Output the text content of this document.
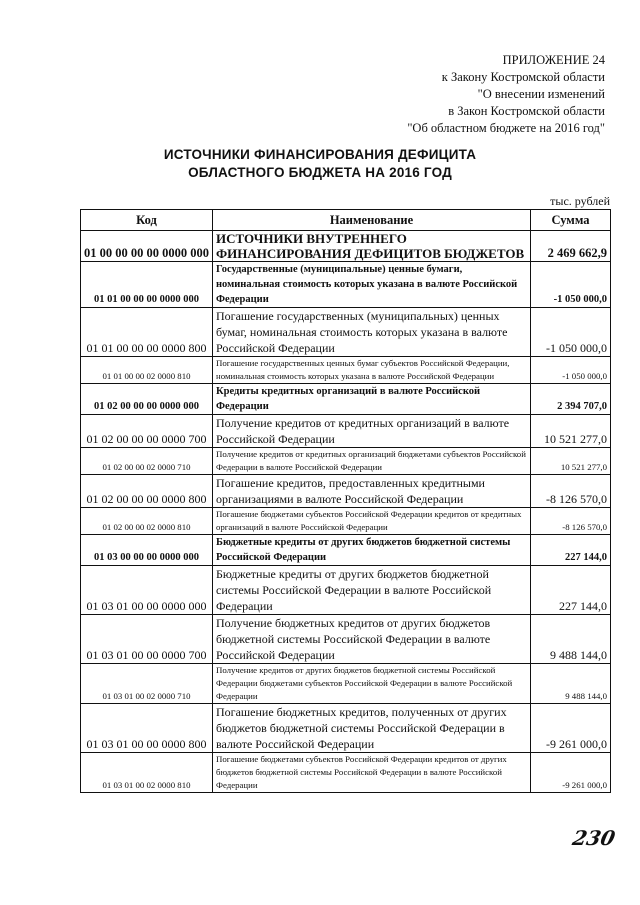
ПРИЛОЖЕНИЕ 24
к Закону Костромской области
"О внесении изменений
в Закон Костромской области
"Об областном бюджете на 2016 год"
ИСТОЧНИКИ ФИНАНСИРОВАНИЯ ДЕФИЦИТА
ОБЛАСТНОГО БЮДЖЕТА НА 2016 ГОД
тыс. рублей
Код	Наименование	Сумма
01 00 00 00 00 0000 000	ИСТОЧНИКИ ВНУТРЕННЕГО ФИНАНСИРОВАНИЯ ДЕФИЦИТОВ БЮДЖЕТОВ	2 469 662,9
01 01 00 00 00 0000 000	Государственные (муниципальные) ценные бумаги, номинальная стоимость которых указана в валюте Российской Федерации	-1 050 000,0
01 01 00 00 00 0000 800	Погашение государственных (муниципальных) ценных бумаг, номинальная стоимость которых указана в валюте Российской Федерации	-1 050 000,0
01 01 00 00 02 0000 810	Погашение государственных ценных бумаг субъектов Российской Федерации, номинальная стоимость которых указана в валюте Российской Федерации	-1 050 000,0
01 02 00 00 00 0000 000	Кредиты кредитных организаций в валюте Российской Федерации	2 394 707,0
01 02 00 00 00 0000 700	Получение кредитов от кредитных организаций в валюте Российской Федерации	10 521 277,0
01 02 00 00 02 0000 710	Получение кредитов от кредитных организаций бюджетами субъектов Российской Федерации в валюте Российской Федерации	10 521 277,0
01 02 00 00 00 0000 800	Погашение кредитов, предоставленных кредитными организациями в валюте Российской Федерации	-8 126 570,0
01 02 00 00 02 0000 810	Погашение бюджетами субъектов Российской Федерации кредитов от кредитных организаций в валюте Российской Федерации	-8 126 570,0
01 03 00 00 00 0000 000	Бюджетные кредиты от других бюджетов бюджетной системы Российской Федерации	227 144,0
01 03 01 00 00 0000 000	Бюджетные кредиты от других бюджетов бюджетной системы Российской Федерации в валюте Российской Федерации	227 144,0
01 03 01 00 00 0000 700	Получение бюджетных кредитов от других бюджетов бюджетной системы Российской Федерации в валюте Российской Федерации	9 488 144,0
01 03 01 00 02 0000 710	Получение кредитов от других бюджетов бюджетной системы Российской Федерации бюджетами субъектов Российской Федерации в валюте Российской Федерации	9 488 144,0
01 03 01 00 00 0000 800	Погашение бюджетных кредитов, полученных от других бюджетов бюджетной системы Российской Федерации в валюте Российской Федерации	-9 261 000,0
01 03 01 00 02 0000 810	Погашение бюджетами субъектов Российской Федерации кредитов от других бюджетов бюджетной системы Российской Федерации в валюте Российской Федерации	-9 261 000,0
230
